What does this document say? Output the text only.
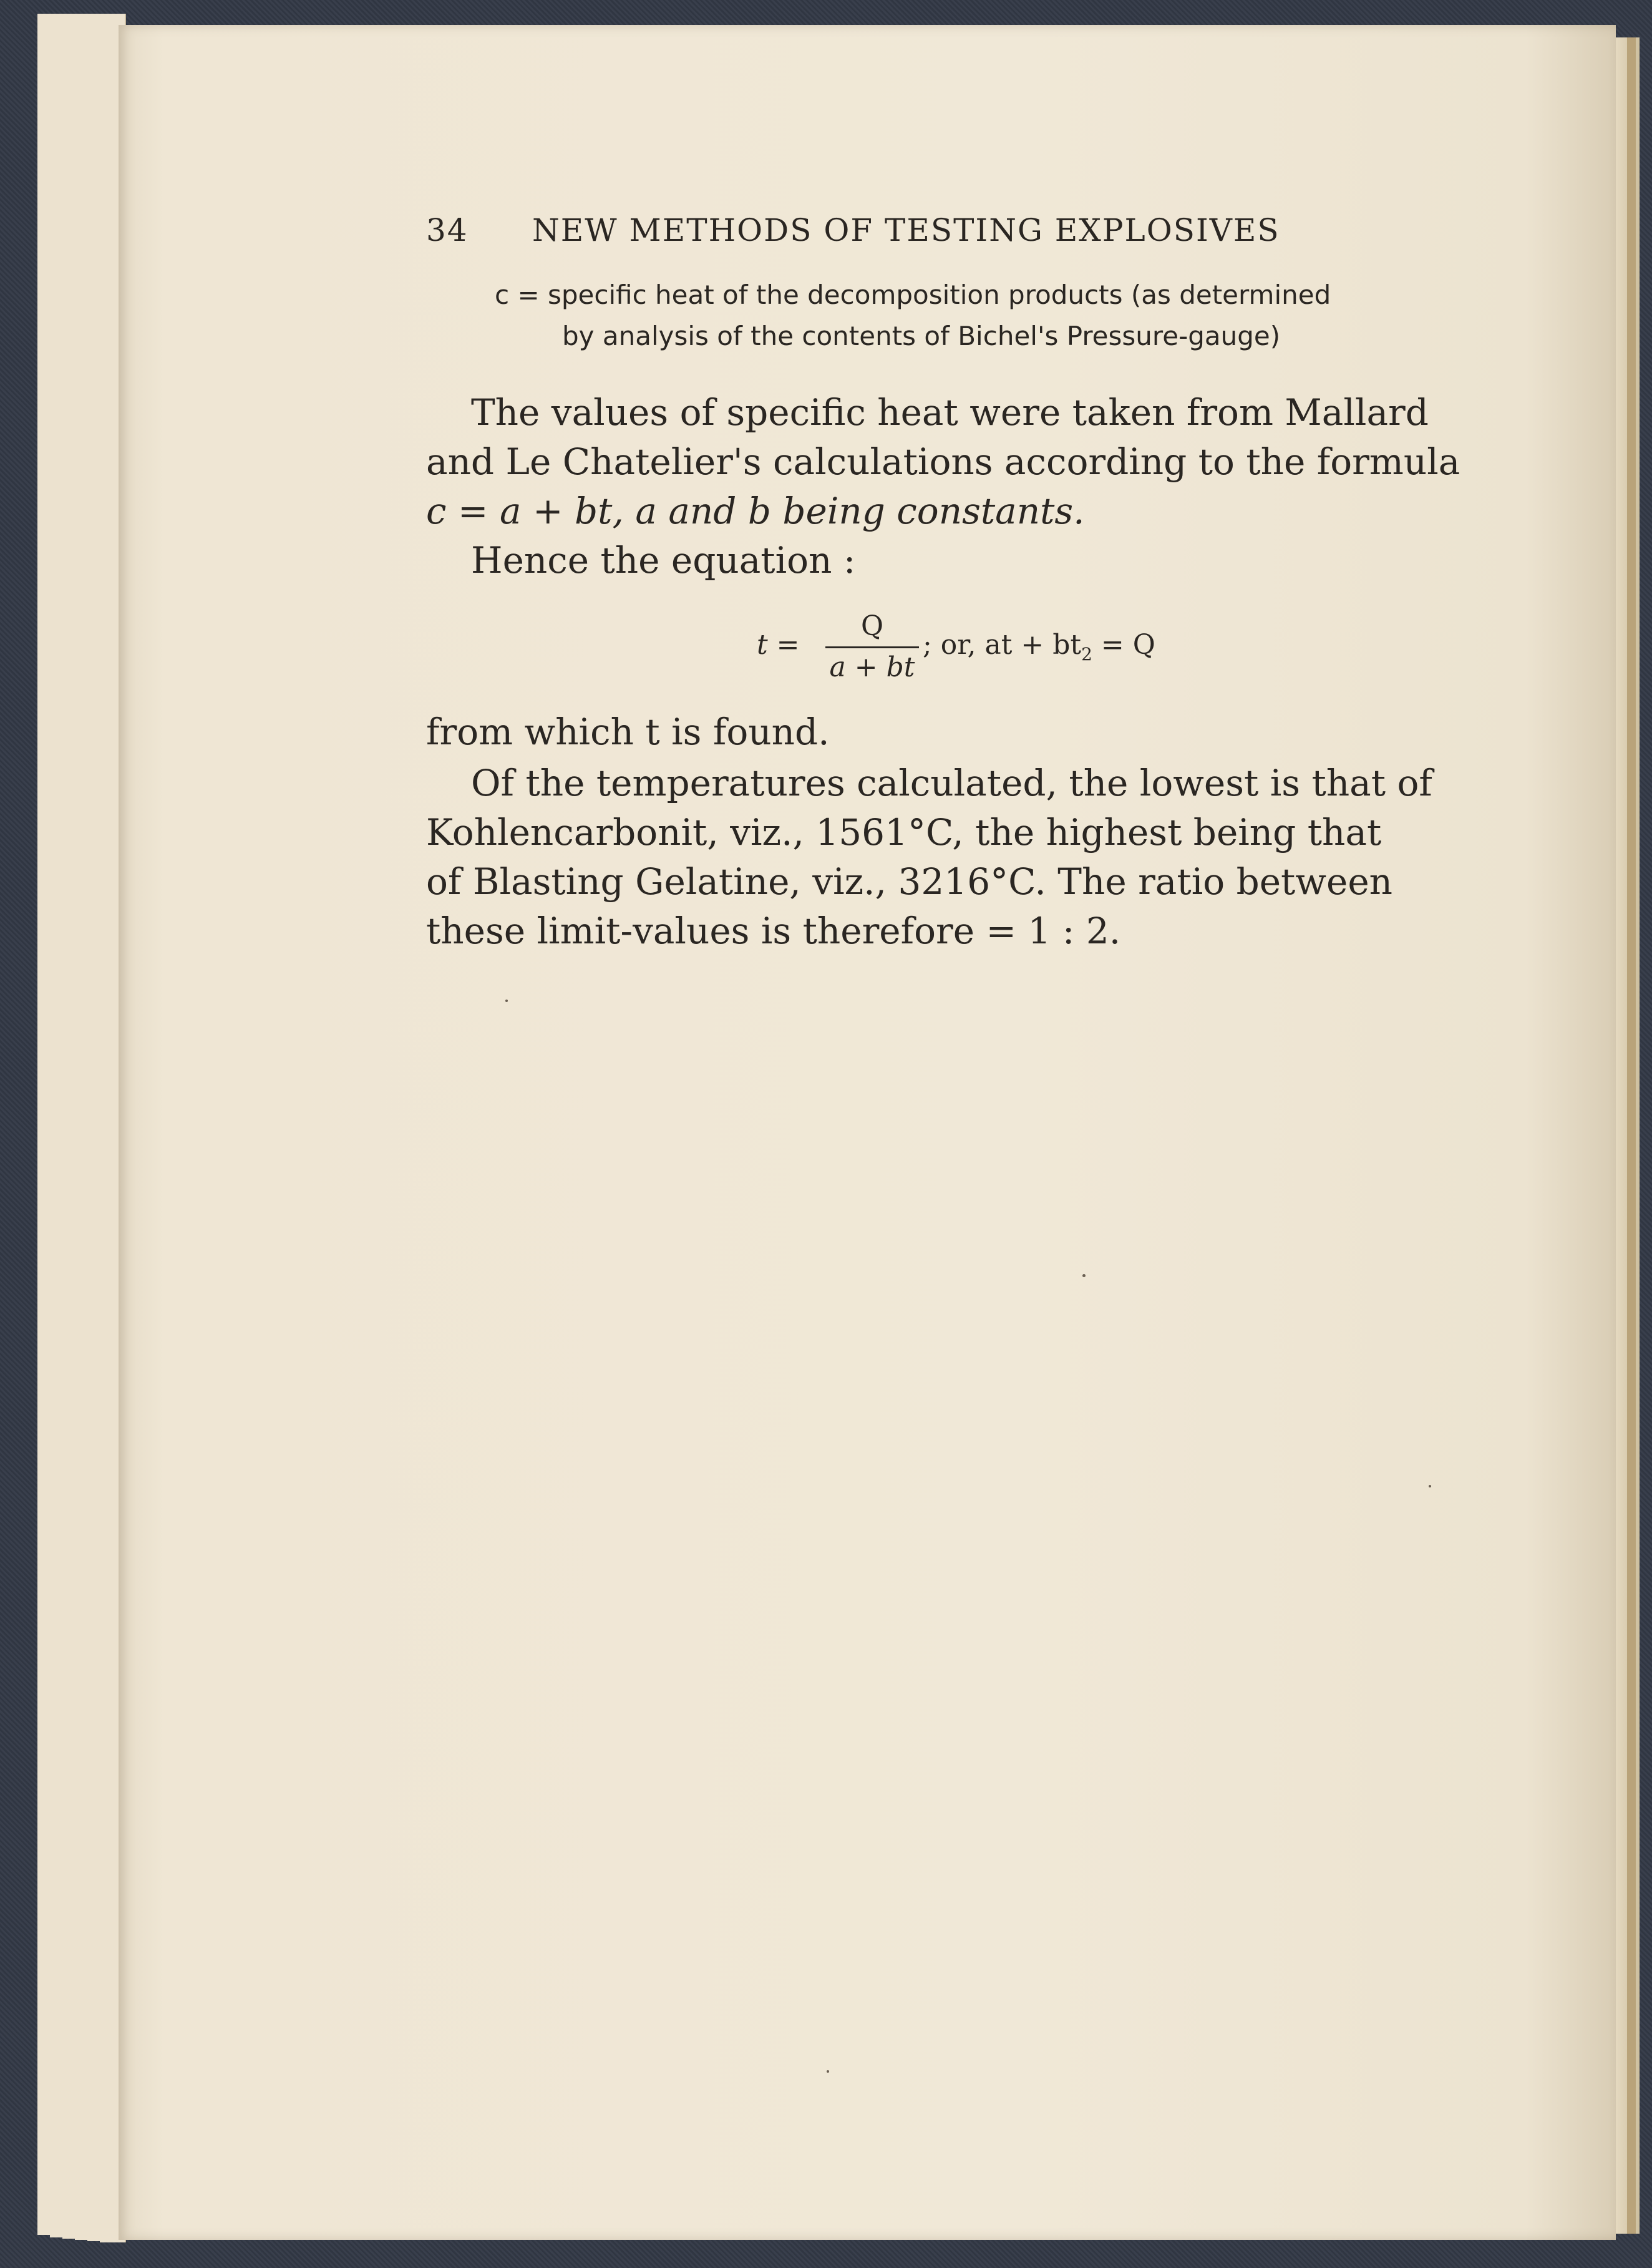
34 NEW METHODS OF TESTING EXPLOSIVES
c = specific heat of the decomposition products (as determined
by analysis of the contents of Bichel's Pressure-gauge)
The values of specific heat were taken from Mallard
and Le Chatelier's calculations according to the formula
c = a + bt, a and b being constants.
Hence the equation :
t =
Q
a + bt
; or, at + $bt_2 = Q$
from which t is found.
Of the temperatures calculated, the lowest is that of
Kohlencarbonit, viz., 1561°C, the highest being that
of Blasting Gelatine, viz., 3216°C. The ratio between
these limit-values is therefore = 1 : 2.
